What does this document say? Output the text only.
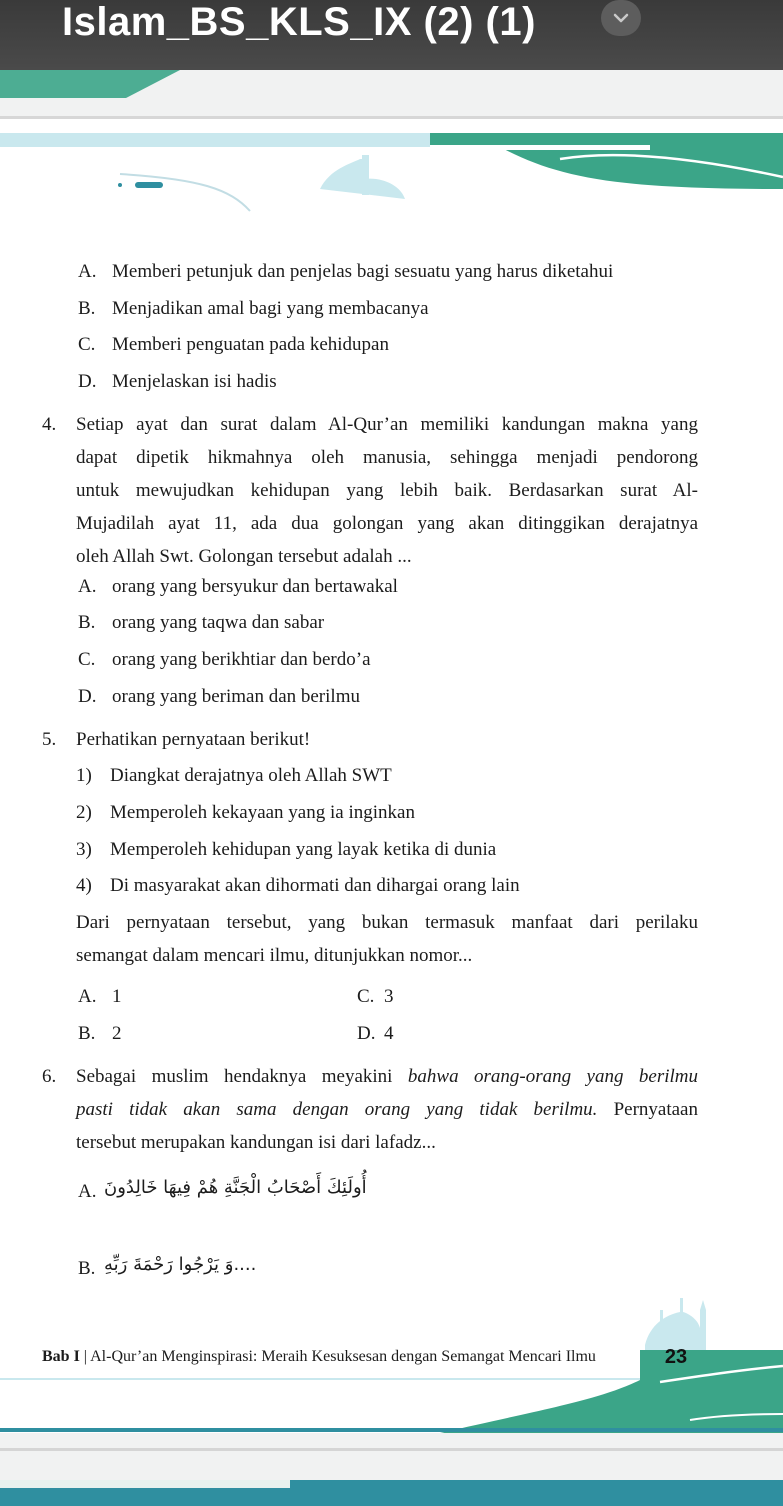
Islam_BS_KLS_IX (2) (1)
A. Memberi petunjuk dan penjelas bagi sesuatu yang harus diketahui
B. Menjadikan amal bagi yang membacanya
C. Memberi penguatan pada kehidupan
D. Menjelaskan isi hadis
4. Setiap ayat dan surat dalam Al-Qur’an memiliki kandungan makna yang
dapat dipetik hikmahnya oleh manusia, sehingga menjadi pendorong
untuk mewujudkan kehidupan yang lebih baik. Berdasarkan surat Al-
Mujadilah ayat 11, ada dua golongan yang akan ditinggikan derajatnya
oleh Allah Swt. Golongan tersebut adalah ...
A. orang yang bersyukur dan bertawakal
B. orang yang taqwa dan sabar
C. orang yang berikhtiar dan berdo’a
D. orang yang beriman dan berilmu
5. Perhatikan pernyataan berikut!
1) Diangkat derajatnya oleh Allah SWT
2) Memperoleh kekayaan yang ia inginkan
3) Memperoleh kehidupan yang layak ketika di dunia
4) Di masyarakat akan dihormati dan dihargai orang lain
Dari pernyataan tersebut, yang bukan termasuk manfaat dari perilaku
semangat dalam mencari ilmu, ditunjukkan nomor...
A. 1	C. 3
B. 2	D. 4
6. Sebagai muslim hendaknya meyakini bahwa orang-orang yang berilmu
pasti tidak akan sama dengan orang yang tidak berilmu. Pernyataan
tersebut merupakan kandungan isi dari lafadz...
A. أُولَئِكَ أَصْحَابُ الْجَنَّةِ هُمْ فِيهَا خَالِدُونَ
B. ....وَ يَرْجُوا رَحْمَةَ رَبِّهِ
Bab I | Al-Qur’an Menginspirasi: Meraih Kesuksesan dengan Semangat Mencari Ilmu	23
